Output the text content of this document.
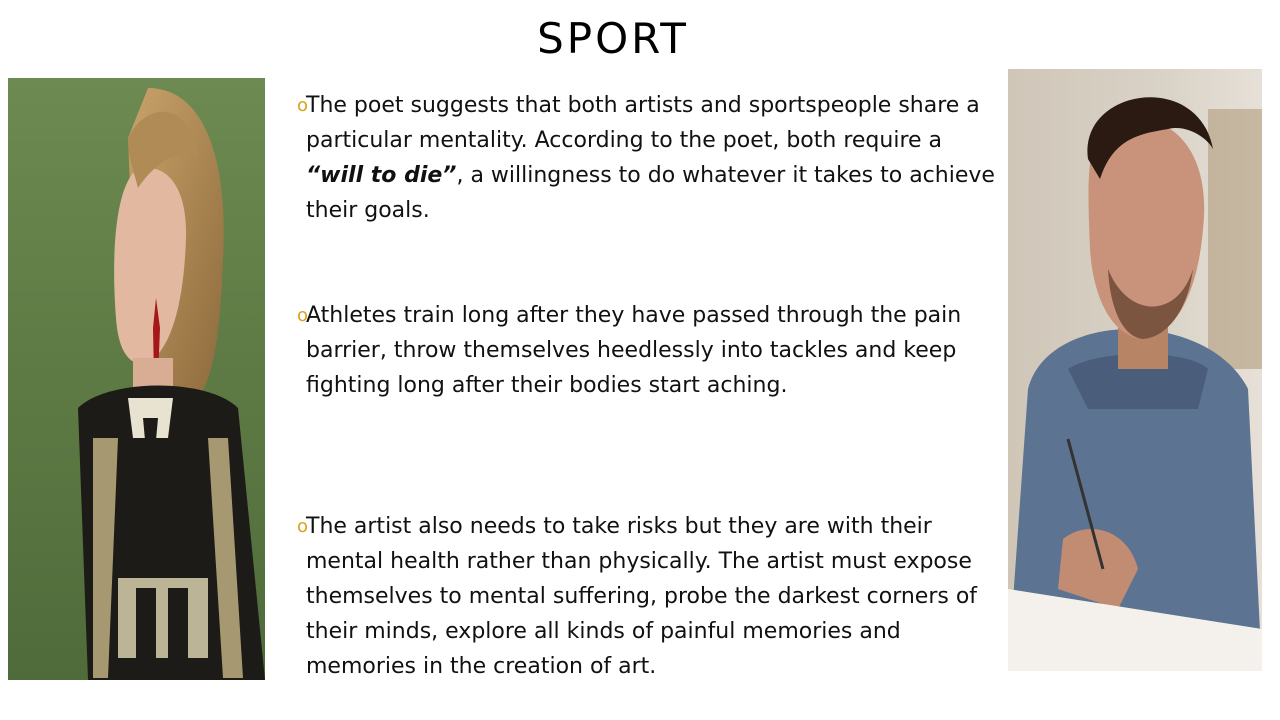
SPORT
o
The poet suggests that both artists and sportspeople share a particular mentality. According to the poet, both require a “will to die”, a willingness to do whatever it takes to achieve their goals.
o
Athletes train long after they have passed through the pain barrier, throw themselves heedlessly into tackles and keep fighting long after their bodies start aching.
o
The artist also needs to take risks but they are with their mental health rather than physically. The artist must expose themselves to mental suffering, probe the darkest corners of their minds, explore all kinds of painful memories and memories in the creation of art.
